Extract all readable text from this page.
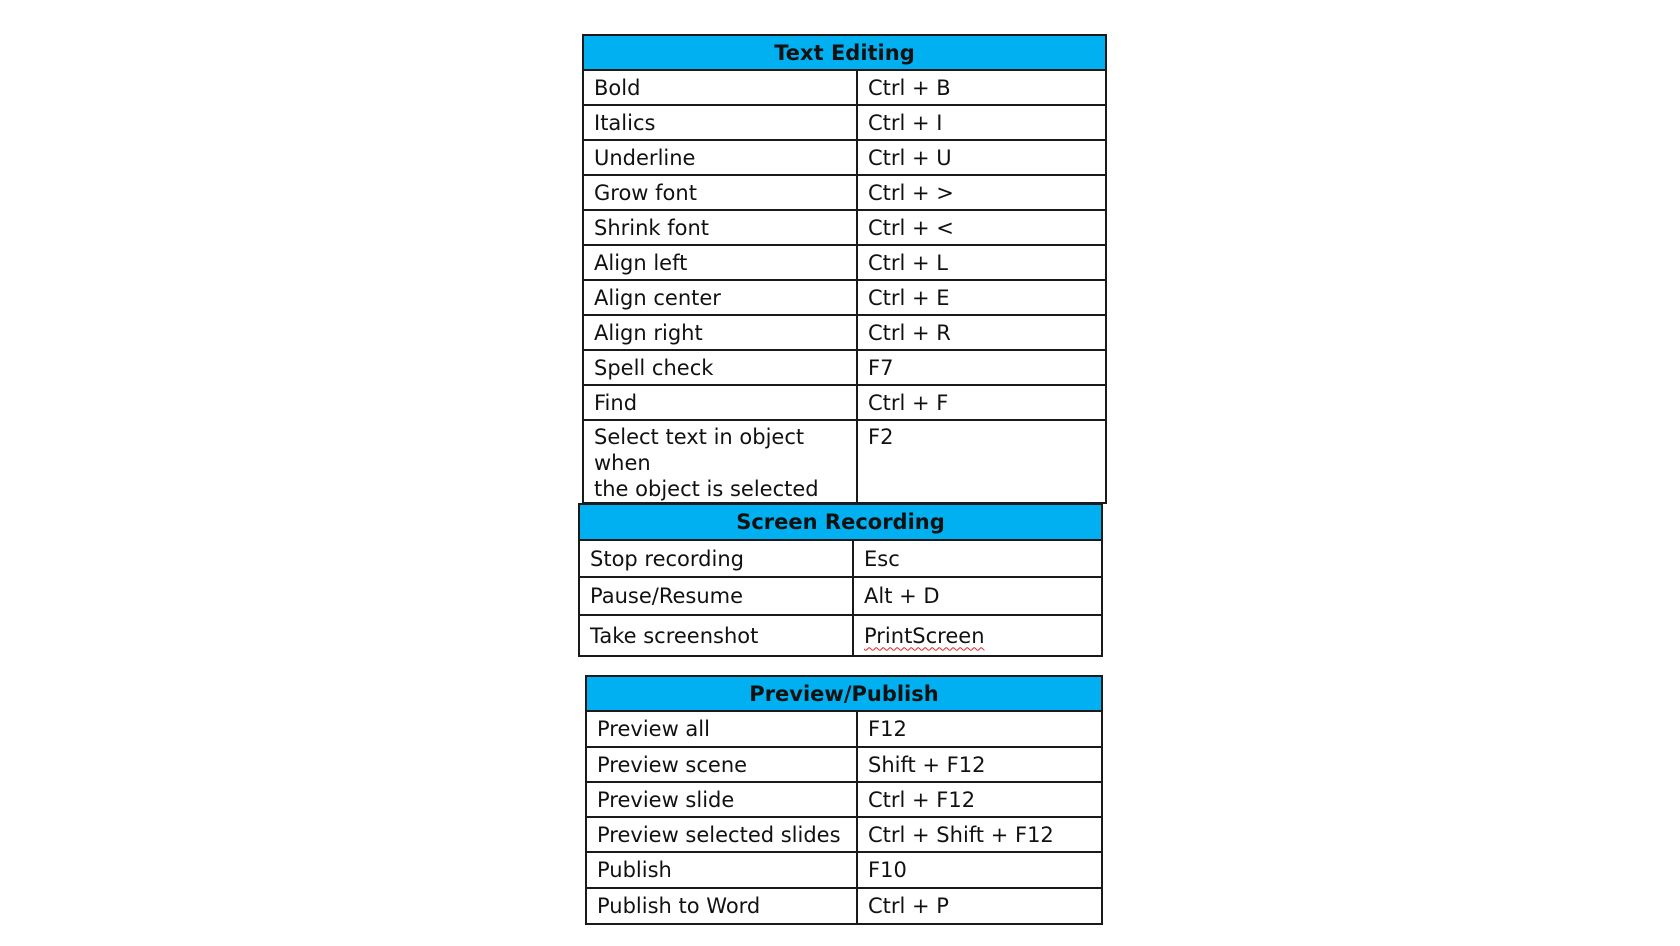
Text Editing	
Bold	Ctrl + B
Italics	Ctrl + I
Underline	Ctrl + U
Grow font	Ctrl + >
Shrink font	Ctrl + <
Align left	Ctrl + L
Align center	Ctrl + E
Align right	Ctrl + R
Spell check	F7
Find	Ctrl + F

Select text in object when
the object is selected	F2
Screen Recording	
Stop recording	Esc
Pause/Resume	Alt + D
Take screenshot	PrintScreen
Preview/Publish	
Preview all	F12
Preview scene	Shift + F12
Preview slide	Ctrl + F12
Preview selected slides	Ctrl + Shift + F12
Publish	F10
Publish to Word	Ctrl + P
